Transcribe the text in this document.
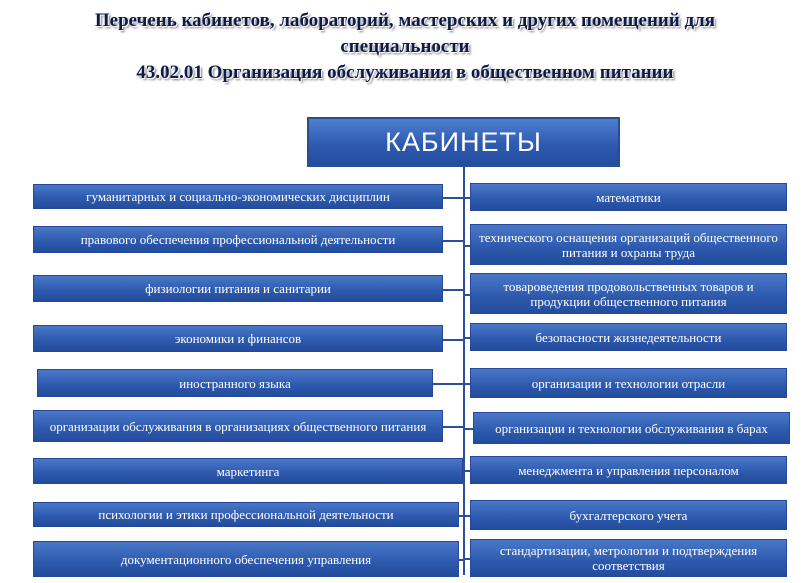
Перечень кабинетов, лабораторий, мастерских и других помещений для
специальности
43.02.01 Организация обслуживания в общественном питании
КАБИНЕТЫ
гуманитарных и социально-экономических дисциплин
правового обеспечения профессиональной деятельности
физиологии питания и санитарии
экономики и финансов
иностранного языка
организации обслуживания в организациях общественного питания
маркетинга
психологии и этики профессиональной деятельности
документационного обеспечения управления
математики
технического оснащения организаций общественного питания и охраны труда
товароведения продовольственных товаров и продукции общественного питания
безопасности жизнедеятельности
организации и технологии отрасли
организации и технологии обслуживания в барах
менеджмента и управления персоналом
бухгалтерского учета
стандартизации, метрологии и подтверждения соответствия
